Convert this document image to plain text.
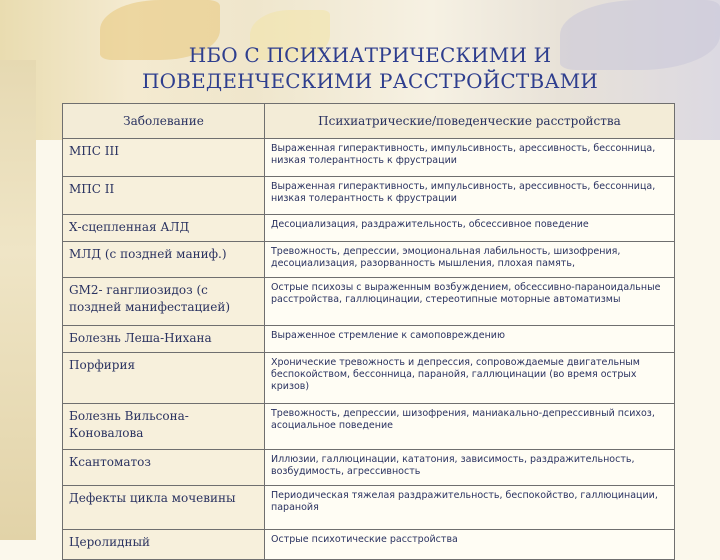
НБО С ПСИХИАТРИЧЕСКИМИ И
ПОВЕДЕНЧЕСКИМИ РАССТРОЙСТВАМИ
Заболевание	Психиатрические/поведенческие расстройства
МПС III	Выраженная гиперактивность, импульсивность, арессивность, бессонница, низкая толерантность к фрустрации
МПС II	Выраженная гиперактивность, импульсивность, арессивность, бессонница, низкая толерантность к фрустрации
Х-сцепленная АЛД	Десоциализация, раздражительность, обсессивное поведение
МЛД (с поздней маниф.)	Тревожность, депрессии, эмоциональная лабильность, шизофрения, десоциализация, разорванность мышления, плохая память,
GM2- ганглиозидоз (с поздней манифестацией)	Острые психозы с выраженным возбуждением, обсессивно-параноидальные расстройства, галлюцинации, стереотипные моторные автоматизмы
Болезнь Леша-Нихана	Выраженное стремление к самоповреждению
Порфирия	Хронические тревожность и депрессия, сопровождаемые двигательным беспокойством, бессонница, паранойя, галлюцинации (во время острых кризов)
Болезнь Вильсона-Коновалова	Тревожность, депрессии, шизофрения, маниакально-депрессивный психоз, асоциальное поведение
Ксантоматоз	Иллюзии, галлюцинации, кататония, зависимость, раздражительность, возбудимость, агрессивность
Дефекты цикла мочевины	Периодическая тяжелая раздражительность, беспокойство, галлюцинации, паранойя
Церолидный	Острые психотические расстройства
